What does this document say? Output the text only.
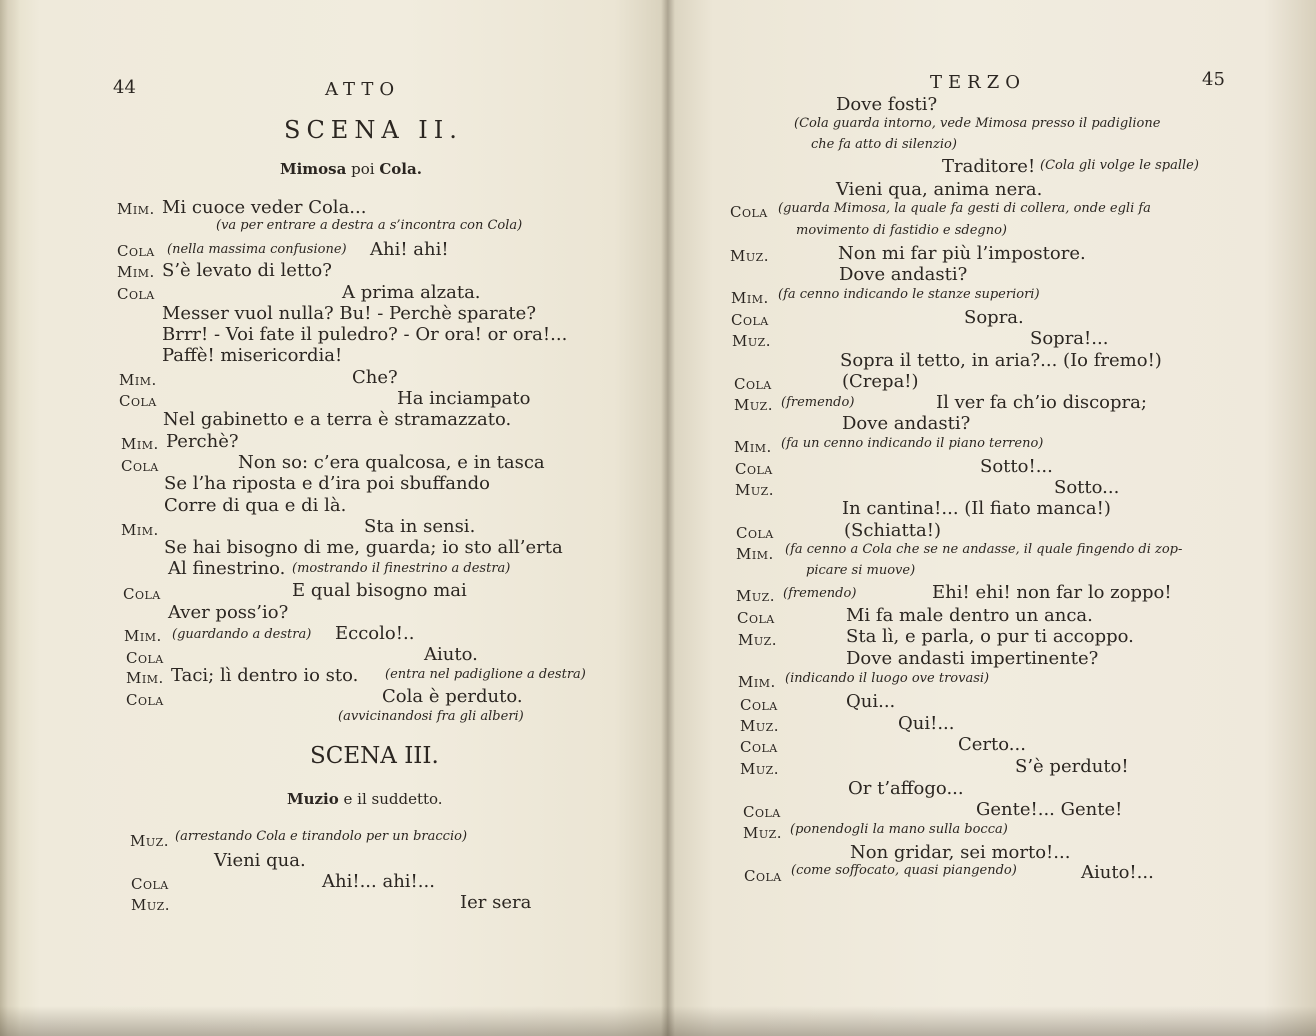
44	ATTO
SCENA II.
Mimosa poi Cola.
Mim. Mi cuoce veder Cola...
(va per entrare a destra a s’incontra con Cola)
Cola (nella massima confusione) Ahi! ahi!
Mim. S’è levato di letto?
Cola	A prima alzata.
Messer vuol nulla? Bu! - Perchè sparate?
Brrr! - Voi fate il puledro? - Or ora! or ora!...
Paffè! misericordia!
Mim.	Che?
Cola	Ha inciampato
Nel gabinetto e a terra è stramazzato.
Mim. Perchè?
Cola	Non so: c’era qualcosa, e in tasca
Se l’ha riposta e d’ira poi sbuffando
Corre di qua e di là.
Mim.	Sta in sensi.
Se hai bisogno di me, guarda; io sto all’erta
Al finestrino. (mostrando il finestrino a destra)
Cola	E qual bisogno mai
Aver poss’io?
Mim. (guardando a destra) Eccolo!..
Cola	Aiuto.
Mim. Taci; lì dentro io sto. (entra nel padiglione a destra)
Cola	Cola è perduto.
(avvicinandosi fra gli alberi)
SCENA III.
Muzio e il suddetto.
Muz. (arrestando Cola e tirandolo per un braccio)
Vieni qua.
Cola	Ahi!... ahi!...
Muz.	Ier sera
TERZO	45
Dove fosti?
(Cola guarda intorno, vede Mimosa presso il padiglione
che fa atto di silenzio)
Traditore! (Cola gli volge le spalle)
Vieni qua, anima nera.
Cola (guarda Mimosa, la quale fa gesti di collera, onde egli fa
movimento di fastidio e sdegno)
Muz.	Non mi far più l’impostore.
Dove andasti?
Mim. (fa cenno indicando le stanze superiori)
Cola	Sopra.
Muz.	Sopra!...
Sopra il tetto, in aria?... (Io fremo!)
Cola	(Crepa!)
Muz. (fremendo)	Il ver fa ch’io discopra;
Dove andasti?
Mim. (fa un cenno indicando il piano terreno)
Cola	Sotto!...
Muz.	Sotto...
In cantina!... (Il fiato manca!)
Cola	(Schiatta!)
Mim. (fa cenno a Cola che se ne andasse, il quale fingendo di zop-
picare si muove)
Muz. (fremendo)	Ehi! ehi! non far lo zoppo!
Cola	Mi fa male dentro un anca.
Muz.	Sta lì, e parla, o pur ti accoppo.
Dove andasti impertinente?
Mim. (indicando il luogo ove trovasi)
Cola	Qui...
Muz.	Qui!...
Cola	Certo...
Muz.	S’è perduto!
Or t’affogo...
Cola	Gente!... Gente!
Muz. (ponendogli la mano sulla bocca)
Non gridar, sei morto!...
Cola (come soffocato, quasi piangendo)	Aiuto!...
